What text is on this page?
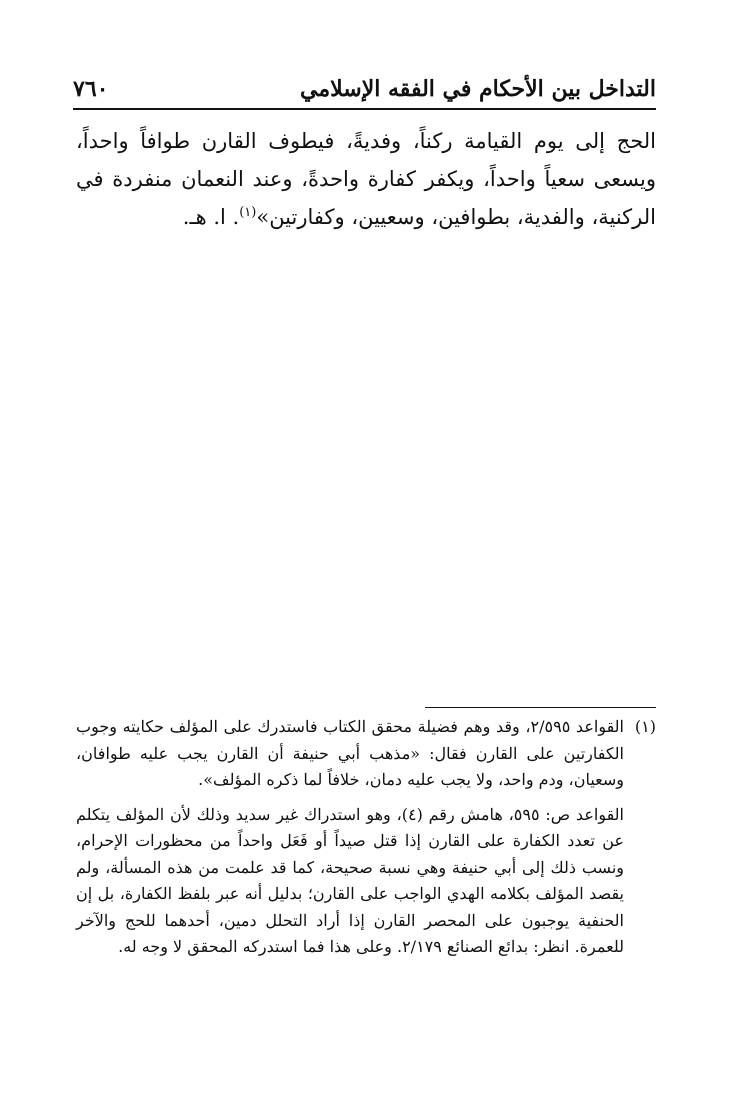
التداخل بين الأحكام في الفقه الإسلامي
٧٦٠

الحج إلى يوم القيامة ركناً، وفديةً، فيطوف القارن طوافاً واحداً، ويسعى سعياً واحداً، ويكفر كفارة واحدةً، وعند النعمان منفردة في الركنية، والفدية، بطوافين، وسعيين، وكفارتين»$^{(١)}$. ا. هـ.

(١)

القواعد ٢/٥٩٥، وقد وهم فضيلة محقق الكتاب فاستدرك على المؤلف حكايته وجوب الكفارتين على القارن فقال: «مذهب أبي حنيفة أن القارن يجب عليه طوافان، وسعيان، ودم واحد، ولا يجب عليه دمان، خلافاً لما ذكره المؤلف».

القواعد ص: ٥٩٥، هامش رقم (٤)، وهو استدراك غير سديد وذلك لأن المؤلف يتكلم عن تعدد الكفارة على القارن إذا قتل صيداً أو فَعَل واحداً من محظورات الإحرام، ونسب ذلك إلى أبي حنيفة وهي نسبة صحيحة، كما قد علمت من هذه المسألة، ولم يقصد المؤلف بكلامه الهدي الواجب على القارن؛ بدليل أنه عبر بلفظ الكفارة، بل إن الحنفية يوجبون على المحصر القارن إذا أراد التحلل دمين، أحدهما للحج والآخر للعمرة. انظر: بدائع الصنائع ٢/١٧٩. وعلى هذا فما استدركه المحقق لا وجه له.
